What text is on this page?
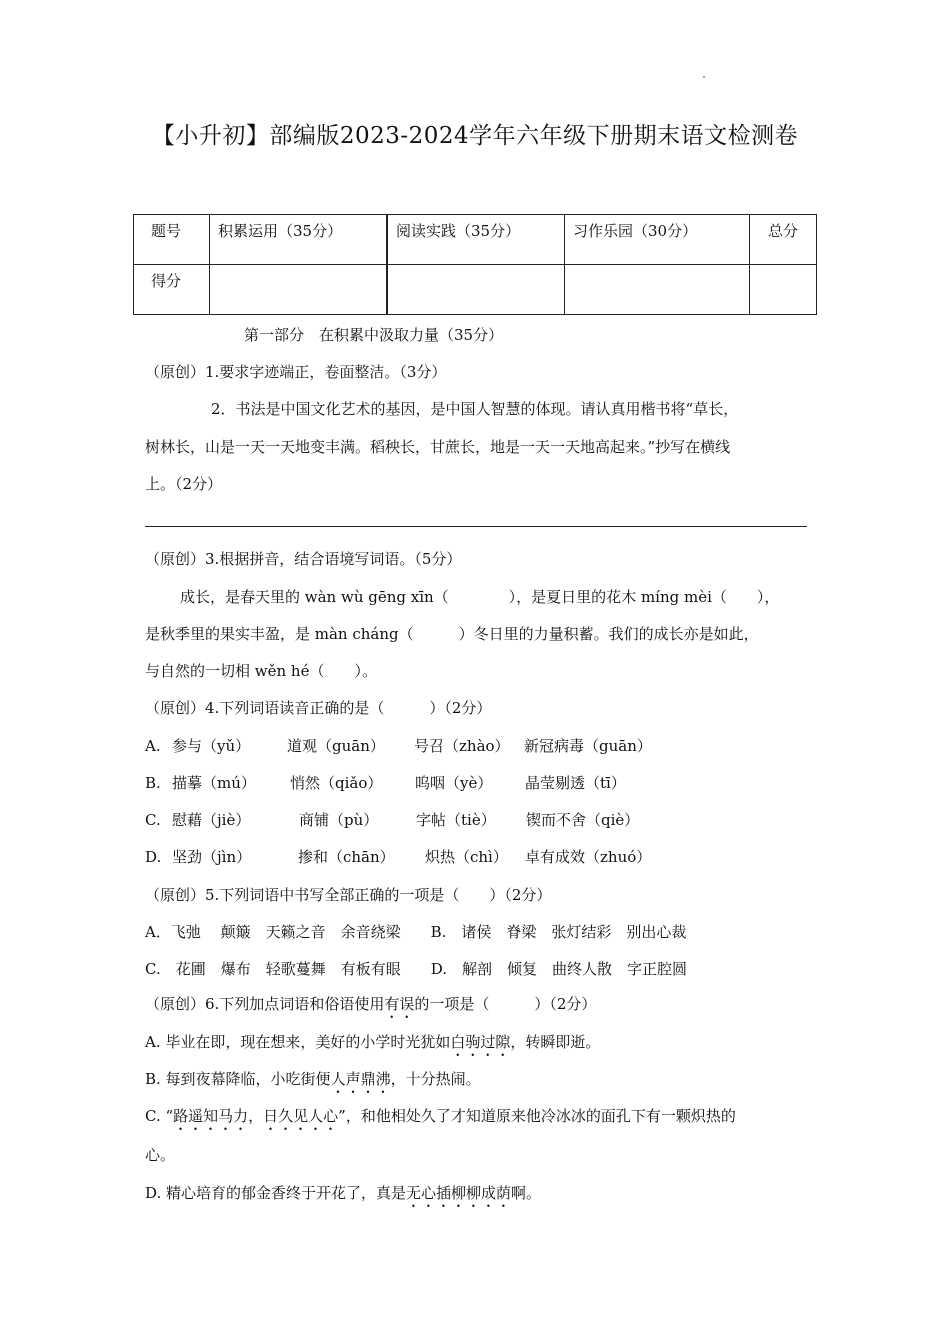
【小升初】部编版2023-2024学年六年级下册期末语文检测卷
题号	积累运用（35分）	阅读实践（35分）	习作乐园（30分）	总分
得分				
第一部分　在积累中汲取力量（35分）
（原创）1.要求字迹端正，卷面整洁。（3分）
2．书法是中国文化艺术的基因，是中国人智慧的体现。请认真用楷书将“草长，
树林长，山是一天一天地变丰满。稻秧长，甘蔗长，地是一天一天地高起来。”抄写在横线
上。（2分）
（原创）3.根据拼音，结合语境写词语。（5分）
成长，是春天里的 wàn wù gēng xīn（　　　　），是夏日里的花木 míng mèi（　　），
是秋季里的果实丰盈，是 màn cháng（　　　）冬日里的力量积蓄。我们的成长亦是如此，
与自然的一切相 wěn hé（　　）。
（原创）4.下列词语读音正确的是（　　　）（2分）
A. 参与（yǔ） 道观（guān） 号召（zhào） 新冠病毒（guān）
B. 描摹（mú） 悄然（qiǎo） 呜咽（yè） 晶莹剔透（tī）
C. 慰藉（jiè）	商铺（pù）	字帖（tiè） 锲而不舍（qiè）
D. 坚劲（jìn）	掺和（chān） 炽热（chì） 卓有成效（zhuó）
（原创）5.下列词语中书写全部正确的一项是（　　）（2分）
A．飞弛　 颠簸　天籁之音　余音绕梁　　B.　诸侯　脊梁　张灯结彩　别出心裁
C.　花圃　爆布　轻歌蔓舞　有板有眼　　D.　解剖　倾复　曲终人散　字正腔圆
（原创）6.下列加点词语和俗语使用有误的一项是（　　　）（2分）
A. 毕业在即，现在想来，美好的小学时光犹如白驹过隙，转瞬即逝。
B. 每到夜幕降临，小吃街便人声鼎沸，十分热闹。
C. “路遥知马力，日久见人心”，和他相处久了才知道原来他冷冰冰的面孔下有一颗炽热的
心。
D. 精心培育的郁金香终于开花了，真是无心插柳柳成荫啊。
